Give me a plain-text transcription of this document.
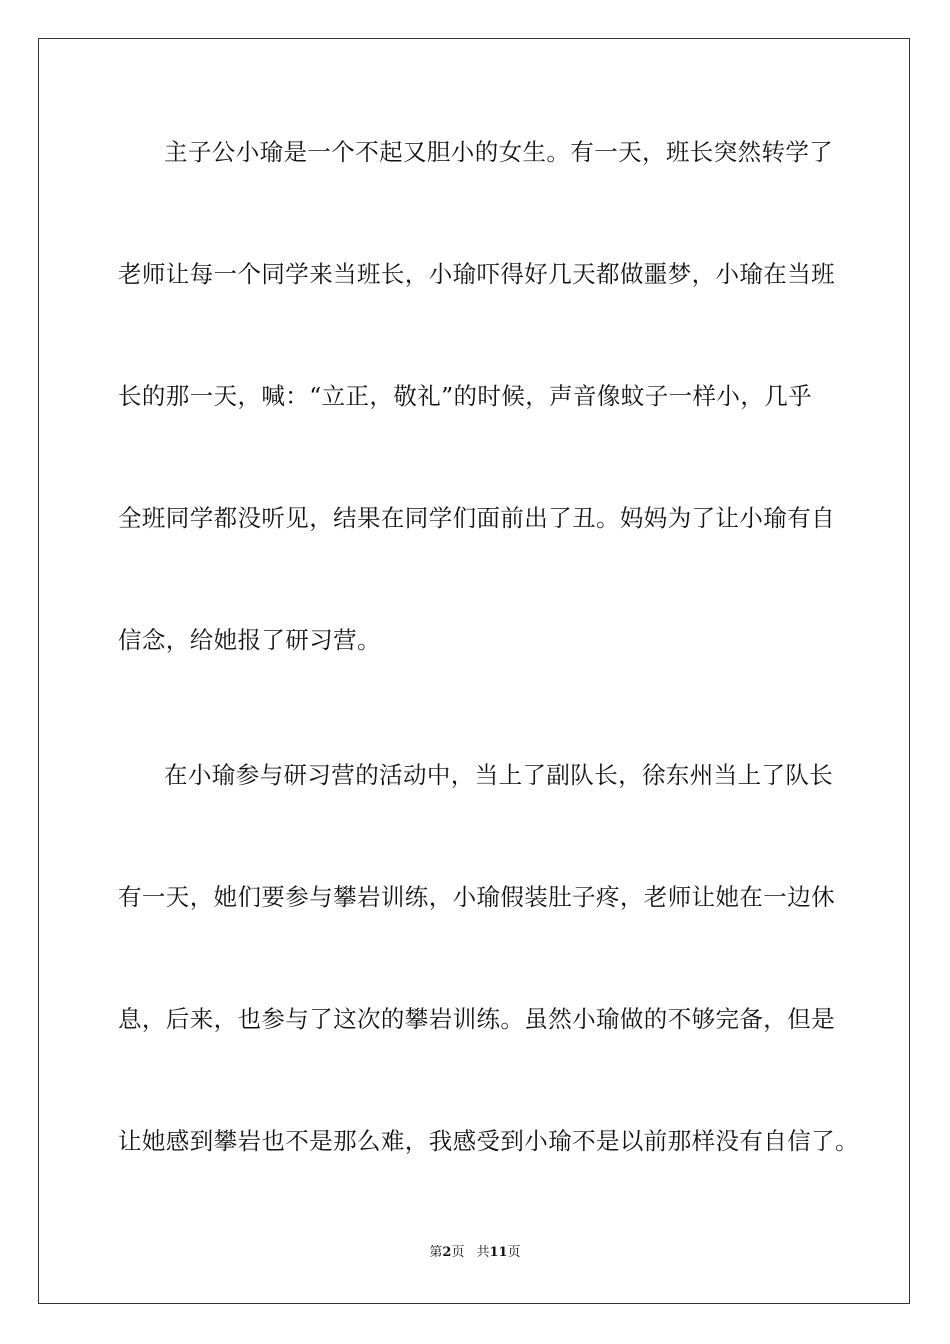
主子公小瑜是一个不起又胆小的女生。有一天，班长突然转学了
老师让每一个同学来当班长，小瑜吓得好几天都做噩梦，小瑜在当班
长的那一天，喊：“立正，敬礼”的时候，声音像蚊子一样小，几乎
全班同学都没听见，结果在同学们面前出了丑。妈妈为了让小瑜有自
信念，给她报了研习营。
在小瑜参与研习营的活动中，当上了副队长，徐东州当上了队长
有一天，她们要参与攀岩训练，小瑜假装肚子疼，老师让她在一边休
息，后来，也参与了这次的攀岩训练。虽然小瑜做的不够完备，但是
让她感到攀岩也不是那么难，我感受到小瑜不是以前那样没有自信了。
第2页 共11页
